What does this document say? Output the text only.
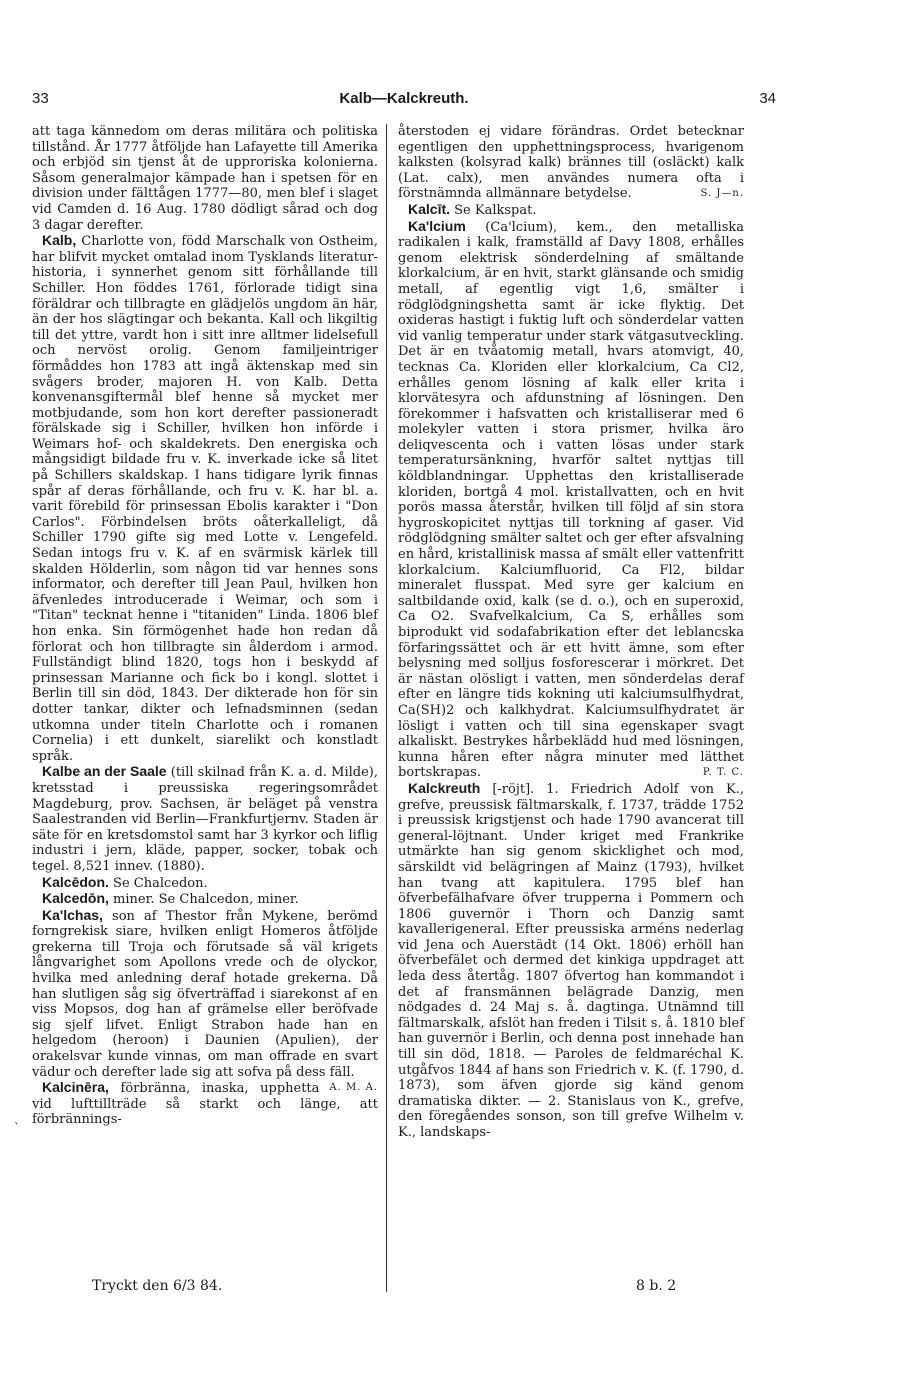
33	Kalb—Kalckreuth.	34

att taga kännedom om deras militära och politiska tillstånd. År 1777 åtföljde han Lafayette till Amerika och erbjöd sin tjenst åt de upproriska kolonierna. Såsom generalmajor kämpade han i spetsen för en division under fälttågen 1777—80, men blef i slaget vid Camden d. 16 Aug. 1780 dödligt sårad och dog 3 dagar derefter.

Kalb, Charlotte von, född Marschalk von Ostheim, har blifvit mycket omtalad inom Tysklands literatur-historia, i synnerhet genom sitt förhållande till Schiller. Hon föddes 1761, förlorade tidigt sina föräldrar och tillbragte en glädjelös ungdom än här, än der hos slägtingar och bekanta. Kall och likgiltig till det yttre, vardt hon i sitt inre alltmer lidelsefull och nervöst orolig. Genom familjeintriger förmåddes hon 1783 att ingå äktenskap med sin svågers broder, majoren H. von Kalb. Detta konvenansgiftermål blef henne så mycket mer motbjudande, som hon kort derefter passioneradt förälskade sig i Schiller, hvilken hon införde i Weimars hof- och skaldekrets. Den energiska och mångsidigt bildade fru v. K. inverkade icke så litet på Schillers skaldskap. I hans tidigare lyrik finnas spår af deras förhållande, och fru v. K. har bl. a. varit förebild för prinsessan Ebolis karakter i "Don Carlos". Förbindelsen bröts oåterkalleligt, då Schiller 1790 gifte sig med Lotte v. Lengefeld. Sedan intogs fru v. K. af en svärmisk kärlek till skalden Hölderlin, som någon tid var hennes sons informator, och derefter till Jean Paul, hvilken hon äfvenledes introducerade i Weimar, och som i "Titan" tecknat henne i "titaniden" Linda. 1806 blef hon enka. Sin förmögenhet hade hon redan då förlorat och hon tillbragte sin ålderdom i armod. Fullständigt blind 1820, togs hon i beskydd af prinsessan Marianne och fick bo i kongl. slottet i Berlin till sin död, 1843. Der dikterade hon för sin dotter tankar, dikter och lefnadsminnen (sedan utkomna under titeln Charlotte och i romanen Cornelia) i ett dunkelt, siarelikt och konstladt språk.

Kalbe an der Saale (till skilnad från K. a. d. Milde), kretsstad i preussiska regeringsområdet Magdeburg, prov. Sachsen, är beläget på venstra Saalestranden vid Berlin—Frankfurtjernv. Staden är säte för en kretsdomstol samt har 3 kyrkor och liflig industri i jern, kläde, papper, socker, tobak och tegel. 8,521 innev. (1880).

Kalcēdon. Se Chalcedon.

Kalcedōn, miner. Se Chalcedon, miner.

Ka'lchas, son af Thestor från Mykene, berömd forngrekisk siare, hvilken enligt Homeros åtföljde grekerna till Troja och förutsade så väl krigets långvarighet som Apollons vrede och de olyckor, hvilka med anledning deraf hotade grekerna. Då han slutligen såg sig öfverträffad i siarekonst af en viss Mopsos, dog han af grämelse eller beröfvade sig sjelf lifvet. Enligt Strabon hade han en helgedom (heroon) i Daunien (Apulien), der orakelsvar kunde vinnas, om man offrade en svart vädur och derefter lade sig att sofva på dess fäll.
A. M. A.

Kalcinēra, förbränna, inaska, upphetta vid lufttillträde så starkt och länge, att förbrännings-

återstoden ej vidare förändras. Ordet betecknar egentligen den upphettningsprocess, hvarigenom kalksten (kolsyrad kalk) brännes till (osläckt) kalk (Lat. calx), men användes numera ofta i förstnämnda allmännare betydelse.	S. J—n.

Kalcīt. Se Kalkspat.

Ka'lcium (Ca'lcium), kem., den metalliska radikalen i kalk, framställd af Davy 1808, erhålles genom elektrisk sönderdelning af smältande klorkalcium, är en hvit, starkt glänsande och smidig metall, af egentlig vigt 1,6, smälter i rödglödgningshetta samt är icke flyktig. Det oxideras hastigt i fuktig luft och sönderdelar vatten vid vanlig temperatur under stark vätgasutveckling. Det är en tvåatomig metall, hvars atomvigt, 40, tecknas Ca. Kloriden eller klorkalcium, Ca Cl2, erhålles genom lösning af kalk eller krita i klorvätesyra och afdunstning af lösningen. Den förekommer i hafsvatten och kristalliserar med 6 molekyler vatten i stora prismer, hvilka äro deliqvescenta och i vatten lösas under stark temperatursänkning, hvarför saltet nyttjas till köldblandningar. Upphettas den kristalliserade kloriden, bortgå 4 mol. kristallvatten, och en hvit porös massa återstår, hvilken till följd af sin stora hygroskopicitet nyttjas till torkning af gaser. Vid rödglödgning smälter saltet och ger efter afsvalning en hård, kristallinisk massa af smält eller vattenfritt klorkalcium. Kalciumfluorid, Ca Fl2, bildar mineralet flusspat. Med syre ger kalcium en saltbildande oxid, kalk (se d. o.), och en superoxid, Ca O2. Svafvelkalcium, Ca S, erhålles som biprodukt vid sodafabrikation efter det leblancska förfaringssättet och är ett hvitt ämne, som efter belysning med solljus fosforescerar i mörkret. Det är nästan olösligt i vatten, men sönderdelas deraf efter en längre tids kokning uti kalciumsulfhydrat, Ca(SH)2 och kalkhydrat. Kalciumsulfhydratet är lösligt i vatten och till sina egenskaper svagt alkaliskt. Bestrykes hårbeklädd hud med lösningen, kunna håren efter några minuter med lätthet bortskrapas.	P. T. C.

Kalckreuth [-röjt]. 1. Friedrich Adolf von K., grefve, preussisk fältmarskalk, f. 1737, trädde 1752 i preussisk krigstjenst och hade 1790 avancerat till general-löjtnant. Under kriget med Frankrike utmärkte han sig genom skicklighet och mod, särskildt vid belägringen af Mainz (1793), hvilket han tvang att kapitulera. 1795 blef han öfverbefälhafvare öfver trupperna i Pommern och 1806 guvernör i Thorn och Danzig samt kavallerigeneral. Efter preussiska arméns nederlag vid Jena och Auerstädt (14 Okt. 1806) erhöll han öfverbefälet och dermed det kinkiga uppdraget att leda dess återtåg. 1807 öfvertog han kommandot i det af fransmännen belägrade Danzig, men nödgades d. 24 Maj s. å. dagtinga. Utnämnd till fältmarskalk, afslöt han freden i Tilsit s. å. 1810 blef han guvernör i Berlin, och denna post innehade han till sin död, 1818. — Paroles de feldmaréchal K. utgåfvos 1844 af hans son Friedrich v. K. (f. 1790, d. 1873), som äfven gjorde sig känd genom dramatiska dikter. — 2. Stanislaus von K., grefve, den föregåendes sonson, son till grefve Wilhelm v. K., landskaps-

`
Tryckt den 6/3 84.	8 b. 2
